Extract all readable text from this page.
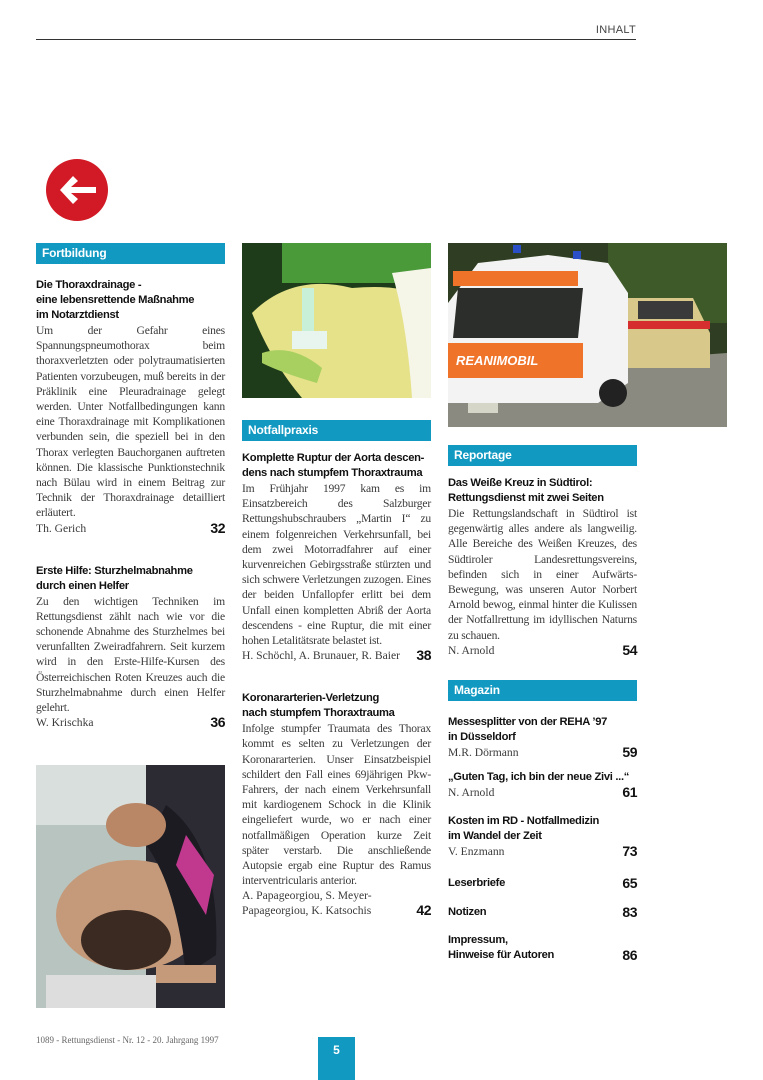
INHALT
Fortbildung
Die Thoraxdrainage -
eine lebensrettende Maßnahme
im Notarztdienst
Um der Gefahr eines Spannungspneumothorax beim thoraxverletzten oder polytraumatisierten Patienten vorzubeugen, muß bereits in der Präklinik eine Pleuradrainage gelegt werden. Unter Notfallbedingungen kann eine Thoraxdrainage mit Komplikationen verbunden sein, die speziell bei in den Thorax verlegten Bauchorganen auftreten können. Die klassische Punktionstechnik nach Bülau wird in einem Beitrag zur Technik der Thoraxdrainage detailliert erläutert.
Th. Gerich	32
Erste Hilfe: Sturzhelmabnahme
durch einen Helfer
Zu den wichtigen Techniken im Rettungsdienst zählt nach wie vor die schonende Abnahme des Sturzhelmes bei verunfallten Zweiradfahrern. Seit kurzem wird in den Erste-Hilfe-Kursen des Österreichischen Roten Kreuzes auch die Sturzhelmabnahme durch einen Helfer gelehrt.
W. Krischka	36
Notfallpraxis
Komplette Ruptur der Aorta descen-
dens nach stumpfem Thoraxtrauma
Im Frühjahr 1997 kam es im Einsatzbereich des Salzburger Rettungshubschraubers „Martin I“ zu einem folgenreichen Verkehrsunfall, bei dem zwei Motorradfahrer auf einer kurvenreichen Gebirgsstraße stürzten und sich schwere Verletzungen zuzogen. Eines der beiden Unfallopfer erlitt bei dem Unfall einen kompletten Abriß der Aorta descendens - eine Ruptur, die mit einer hohen Letalitätsrate belastet ist.
H. Schöchl, A. Brunauer, R. Baier 38
Koronararterien-Verletzung
nach stumpfem Thoraxtrauma
Infolge stumpfer Traumata des Thorax kommt es selten zu Verletzungen der Koronararterien. Unser Einsatzbeispiel schildert den Fall eines 69jährigen Pkw-Fahrers, der nach einem Verkehrsunfall mit kardiogenem Schock in die Klinik eingeliefert wurde, wo er nach einer notfallmäßigen Operation kurze Zeit später verstarb. Die anschließende Autopsie ergab eine Ruptur des Ramus interventricularis anterior.
A. Papageorgiou, S. Meyer-
Papageorgiou, K. Katsochis	42
REANIMOBIL
Reportage
Das Weiße Kreuz in Südtirol:
Rettungsdienst mit zwei Seiten
Die Rettungslandschaft in Südtirol ist gegenwärtig alles andere als langweilig. Alle Bereiche des Weißen Kreuzes, des Südtiroler Landesrettungsvereins, befinden sich in einer Aufwärts-Bewegung, was unseren Autor Norbert Arnold bewog, einmal hinter die Kulissen der Notfallrettung im idyllischen Naturns zu schauen.
N. Arnold	54
Magazin
Messesplitter von der REHA ’97
in Düsseldorf
M.R. Dörmann	59
„Guten Tag, ich bin der neue Zivi ...“
N. Arnold	61
Kosten im RD - Notfallmedizin
im Wandel der Zeit
V. Enzmann	73
Leserbriefe	65
Notizen	83
Impressum,
Hinweise für Autoren	86
1089 - Rettungsdienst - Nr. 12 - 20. Jahrgang 1997
5
